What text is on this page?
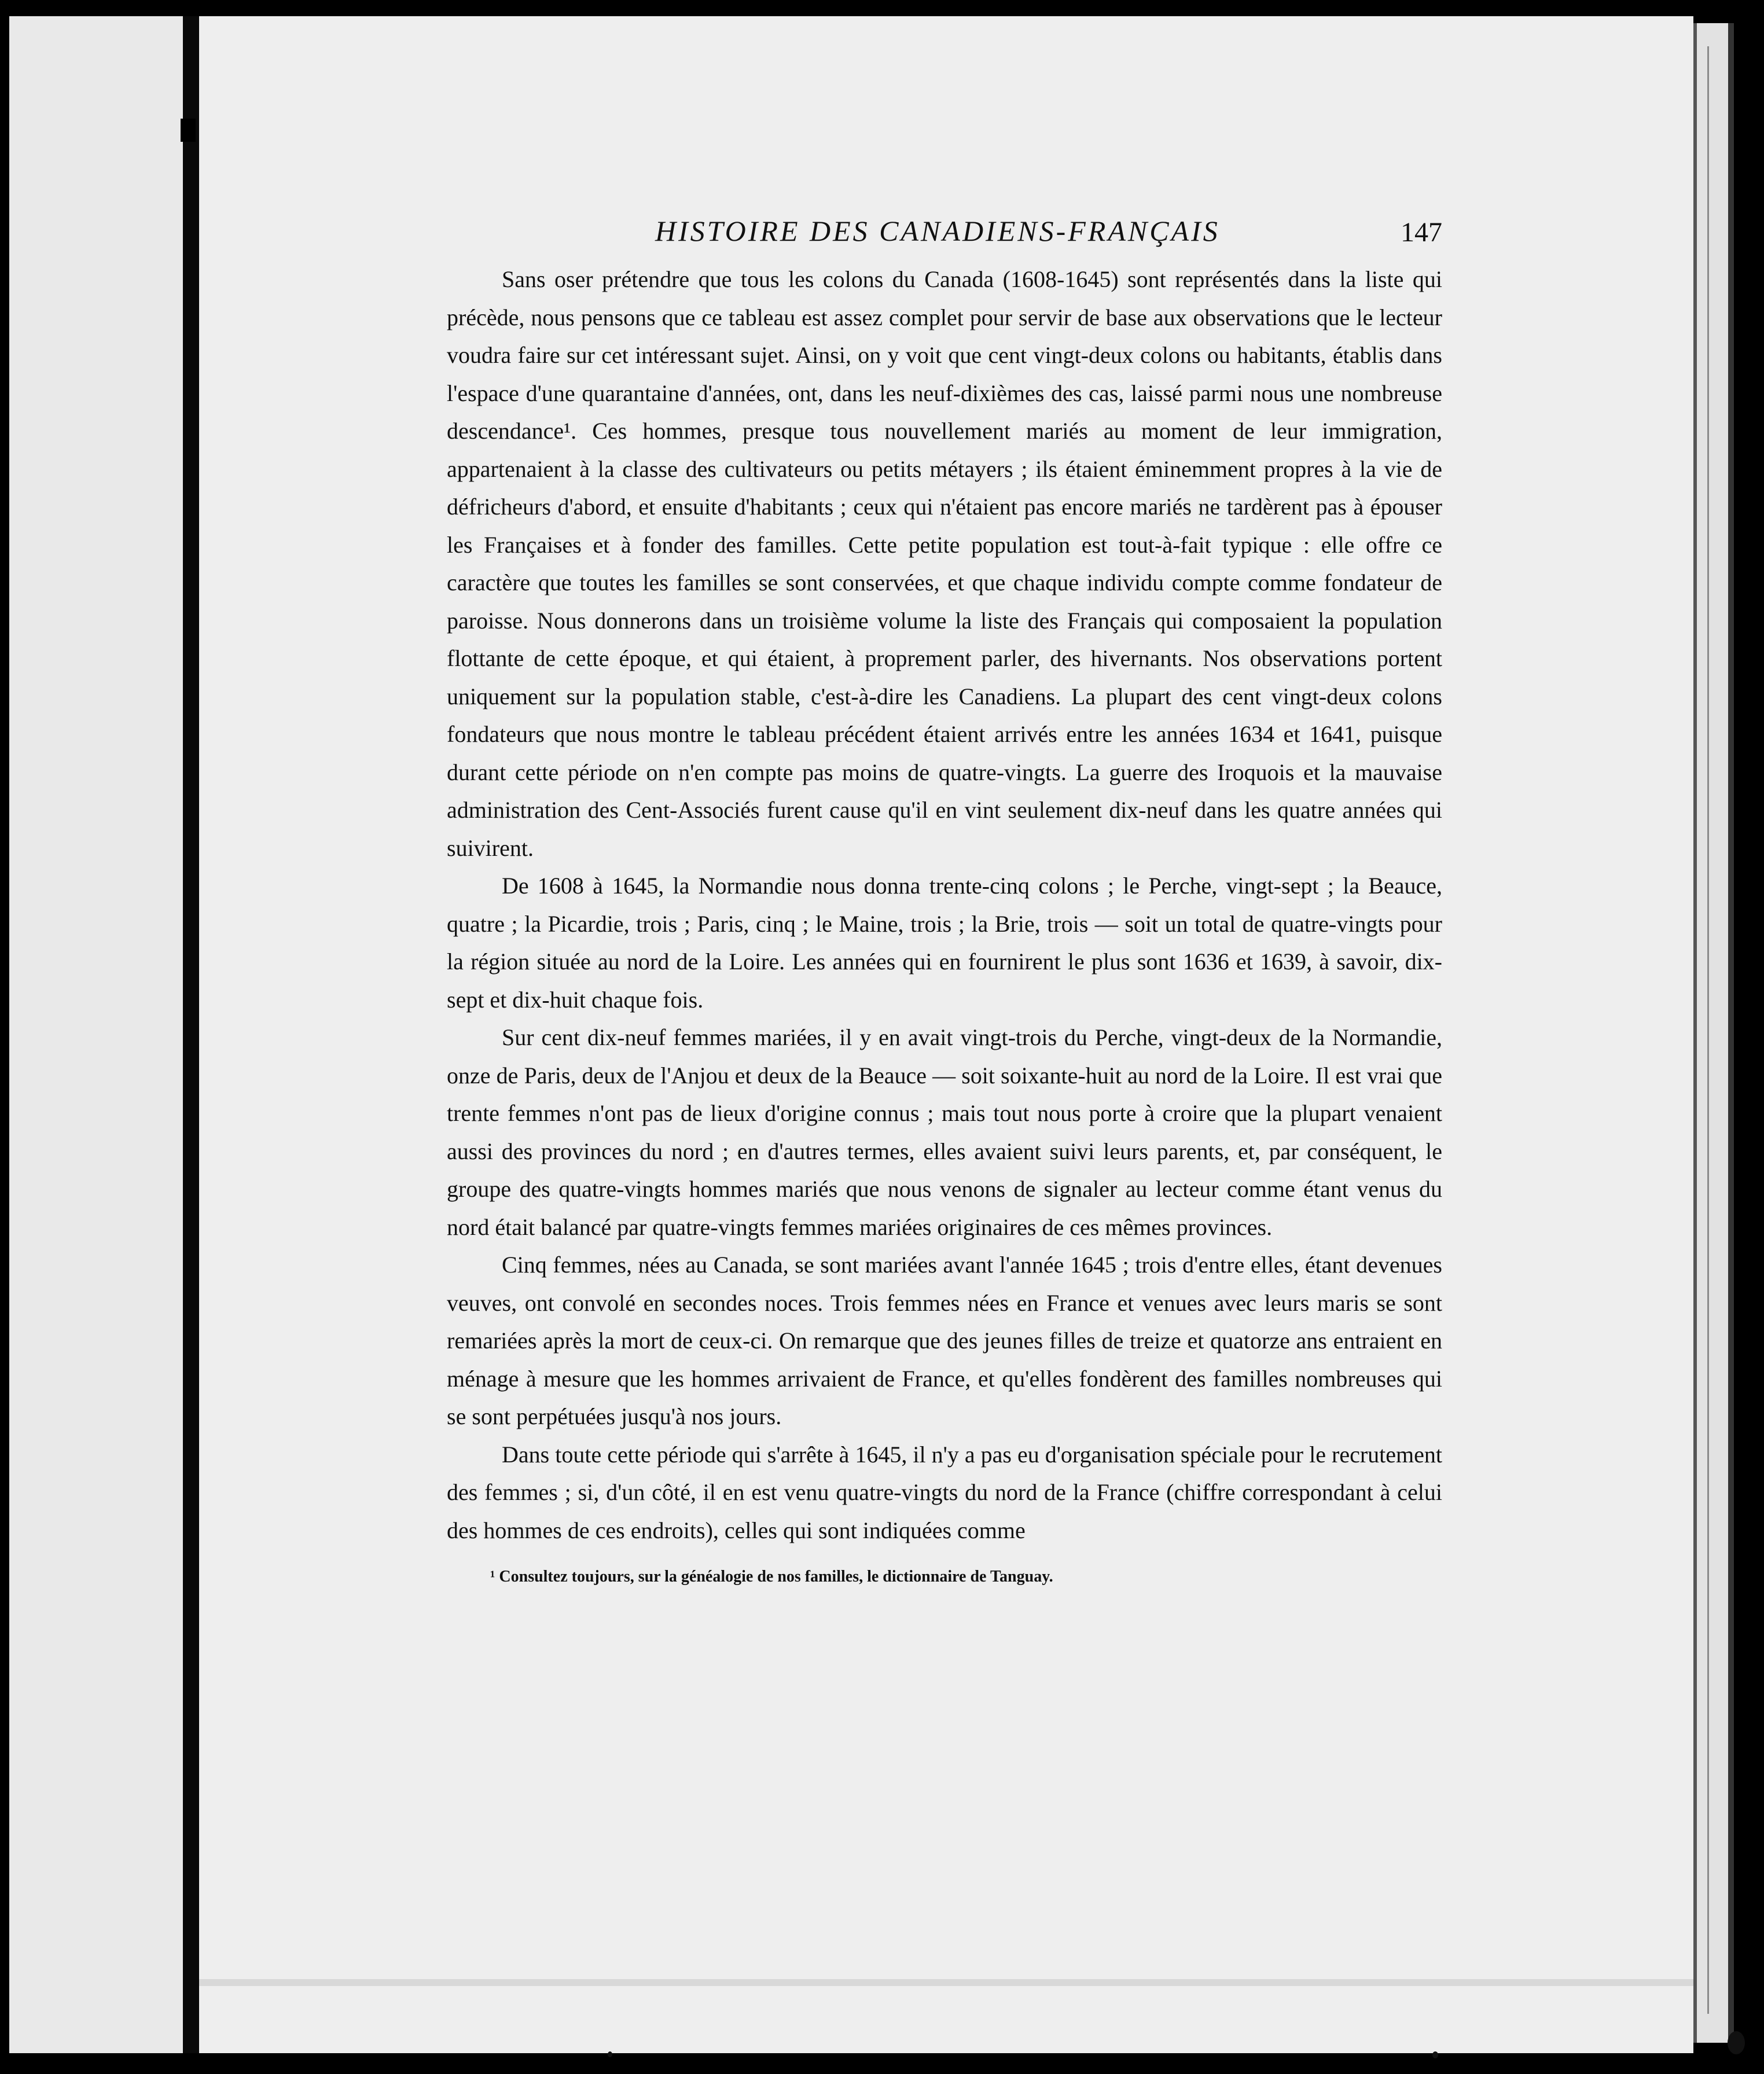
HISTOIRE DES CANADIENS-FRANÇAIS	147

Sans oser prétendre que tous les colons du Canada (1608-1645) sont représentés dans la liste qui précède, nous pensons que ce tableau est assez complet pour servir de base aux observations que le lecteur voudra faire sur cet intéressant sujet. Ainsi, on y voit que cent vingt-deux colons ou habitants, établis dans l'espace d'une quarantaine d'années, ont, dans les neuf-dixièmes des cas, laissé parmi nous une nombreuse descendance¹. Ces hommes, presque tous nouvellement mariés au moment de leur immigration, appartenaient à la classe des cultivateurs ou petits métayers ; ils étaient éminemment propres à la vie de défricheurs d'abord, et ensuite d'habitants ; ceux qui n'étaient pas encore mariés ne tardèrent pas à épouser les Françaises et à fonder des familles. Cette petite population est tout-à-fait typique : elle offre ce caractère que toutes les familles se sont conservées, et que chaque individu compte comme fondateur de paroisse. Nous donnerons dans un troisième volume la liste des Français qui composaient la population flottante de cette époque, et qui étaient, à proprement parler, des hivernants. Nos observations portent uniquement sur la population stable, c'est-à-dire les Canadiens. La plupart des cent vingt-deux colons fondateurs que nous montre le tableau précédent étaient arrivés entre les années 1634 et 1641, puisque durant cette période on n'en compte pas moins de quatre-vingts. La guerre des Iroquois et la mauvaise administration des Cent-Associés furent cause qu'il en vint seulement dix-neuf dans les quatre années qui suivirent.

De 1608 à 1645, la Normandie nous donna trente-cinq colons ; le Perche, vingt-sept ; la Beauce, quatre ; la Picardie, trois ; Paris, cinq ; le Maine, trois ; la Brie, trois — soit un total de quatre-vingts pour la région située au nord de la Loire. Les années qui en fournirent le plus sont 1636 et 1639, à savoir, dix-sept et dix-huit chaque fois.

Sur cent dix-neuf femmes mariées, il y en avait vingt-trois du Perche, vingt-deux de la Normandie, onze de Paris, deux de l'Anjou et deux de la Beauce — soit soixante-huit au nord de la Loire. Il est vrai que trente femmes n'ont pas de lieux d'origine connus ; mais tout nous porte à croire que la plupart venaient aussi des provinces du nord ; en d'autres termes, elles avaient suivi leurs parents, et, par conséquent, le groupe des quatre-vingts hommes mariés que nous venons de signaler au lecteur comme étant venus du nord était balancé par quatre-vingts femmes mariées originaires de ces mêmes provinces.

Cinq femmes, nées au Canada, se sont mariées avant l'année 1645 ; trois d'entre elles, étant devenues veuves, ont convolé en secondes noces. Trois femmes nées en France et venues avec leurs maris se sont remariées après la mort de ceux-ci. On remarque que des jeunes filles de treize et quatorze ans entraient en ménage à mesure que les hommes arrivaient de France, et qu'elles fondèrent des familles nombreuses qui se sont perpétuées jusqu'à nos jours.

Dans toute cette période qui s'arrête à 1645, il n'y a pas eu d'organisation spéciale pour le recrutement des femmes ; si, d'un côté, il en est venu quatre-vingts du nord de la France (chiffre correspondant à celui des hommes de ces endroits), celles qui sont indiquées comme

¹ Consultez toujours, sur la généalogie de nos familles, le dictionnaire de Tanguay.
